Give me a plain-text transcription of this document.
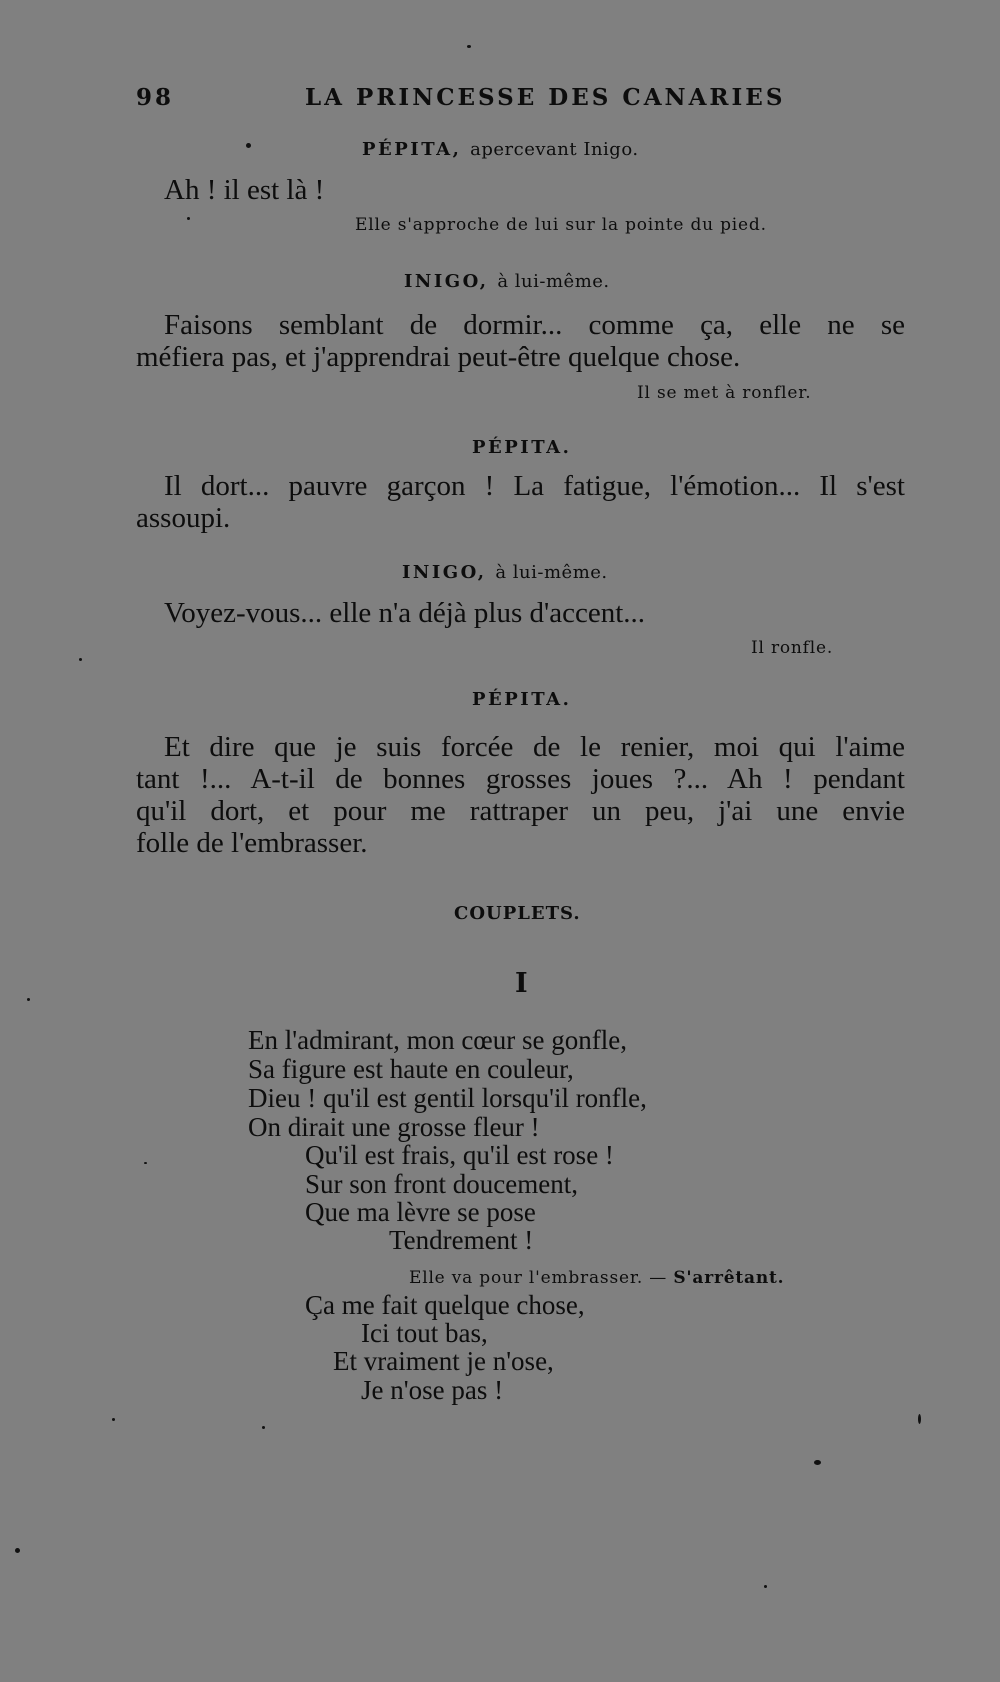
98	LA PRINCESSE DES CANARIES
PÉPITA, apercevant Inigo.
Ah ! il est là !
Elle s'approche de lui sur la pointe du pied.
INIGO, à lui-même.
Faisons semblant de dormir... comme ça, elle ne se
méfiera pas, et j'apprendrai peut-être quelque chose.
Il se met à ronfler.
PÉPITA.
Il dort... pauvre garçon ! La fatigue, l'émotion... Il s'est
assoupi.
INIGO, à lui-même.
Voyez-vous... elle n'a déjà plus d'accent...
Il ronfle.
PÉPITA.
Et dire que je suis forcée de le renier, moi qui l'aime
tant !... A-t-il de bonnes grosses joues ?... Ah ! pendant
qu'il dort, et pour me rattraper un peu, j'ai une envie
folle de l'embrasser.
COUPLETS.
I
En l'admirant, mon cœur se gonfle,
Sa figure est haute en couleur,
Dieu ! qu'il est gentil lorsqu'il ronfle,
On dirait une grosse fleur !
Qu'il est frais, qu'il est rose !
Sur son front doucement,
Que ma lèvre se pose
Tendrement !
Elle va pour l'embrasser. — S'arrêtant.
Ça me fait quelque chose,
Ici tout bas,
Et vraiment je n'ose,
Je n'ose pas !
